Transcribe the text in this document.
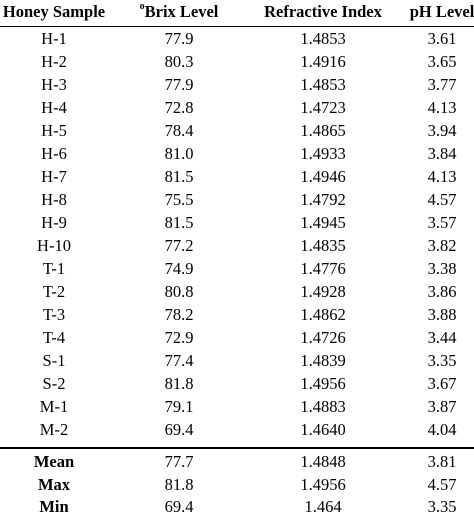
Honey Sample	$^o$Brix Level	Refractive Index	pH Level
H-1	77.9	1.4853	3.61
H-2	80.3	1.4916	3.65
H-3	77.9	1.4853	3.77
H-4	72.8	1.4723	4.13
H-5	78.4	1.4865	3.94
H-6	81.0	1.4933	3.84
H-7	81.5	1.4946	4.13
H-8	75.5	1.4792	4.57
H-9	81.5	1.4945	3.57
H-10	77.2	1.4835	3.82
T-1	74.9	1.4776	3.38
T-2	80.8	1.4928	3.86
T-3	78.2	1.4862	3.88
T-4	72.9	1.4726	3.44
S-1	77.4	1.4839	3.35
S-2	81.8	1.4956	3.67
M-1	79.1	1.4883	3.87
M-2	69.4	1.4640	4.04
Mean	77.7	1.4848	3.81
Max	81.8	1.4956	4.57
Min	69.4	1.464	3.35
